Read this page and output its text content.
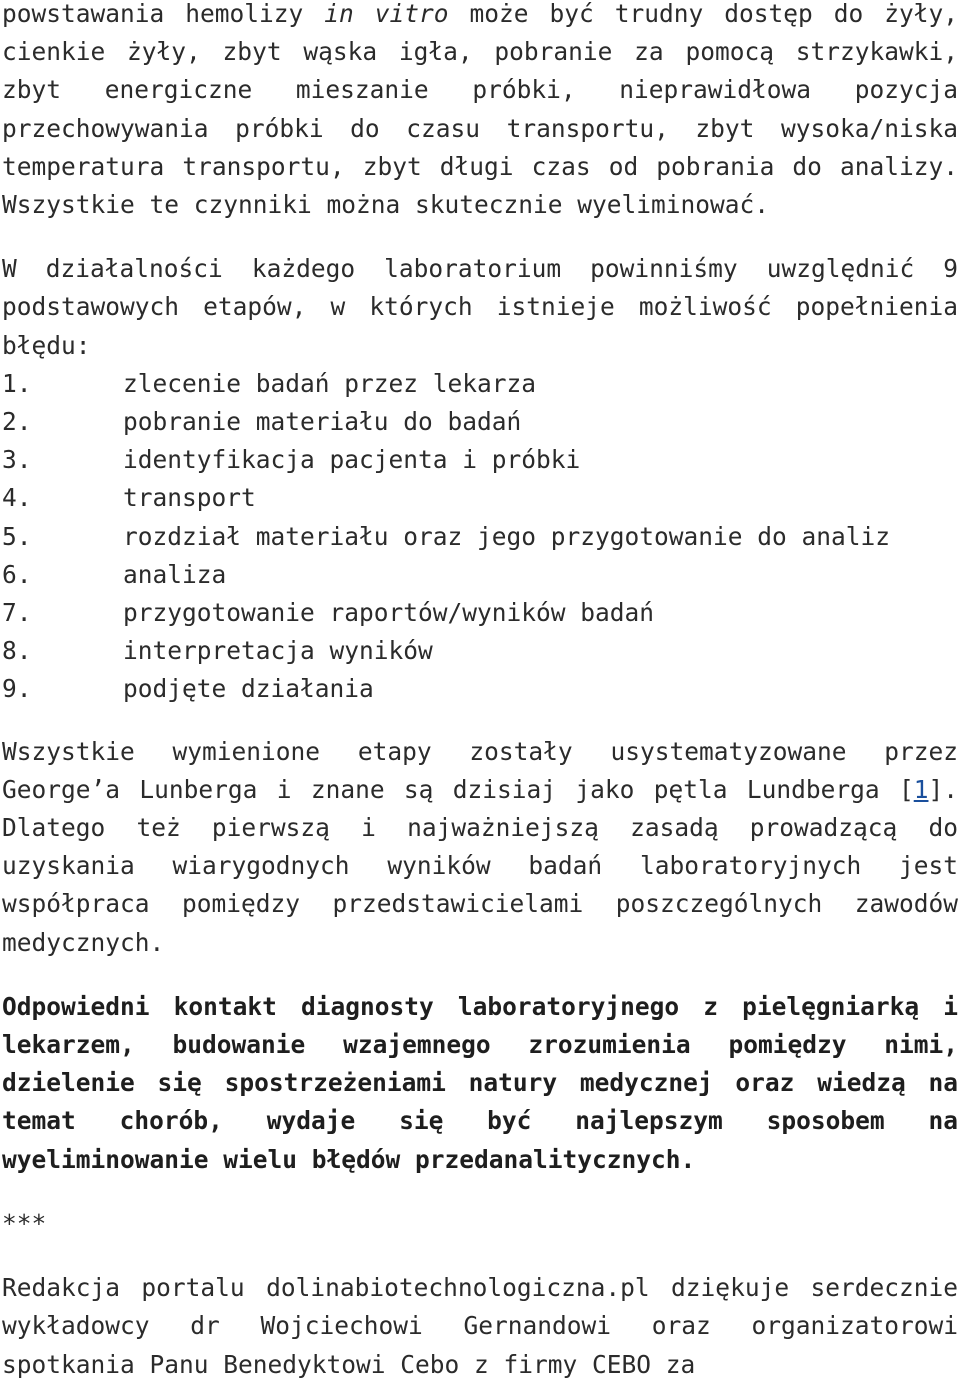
powstawania hemolizy in vitro może być trudny dostęp do żyły, cienkie żyły, zbyt wąska igła, pobranie za pomocą strzykawki, zbyt energiczne mieszanie próbki, nieprawidłowa pozycja przechowywania próbki do czasu transportu, zbyt wysoka/niska temperatura transportu, zbyt długi czas od pobrania do analizy. Wszystkie te czynniki można skutecznie wyeliminować.

W działalności każdego laboratorium powinniśmy uwzględnić 9 podstawowych etapów, w których istnieje możliwość popełnienia błędu:

1.	zlecenie badań przez lekarza
2.	pobranie materiału do badań
3.	identyfikacja pacjenta i próbki
4.	transport
5.	rozdział materiału oraz jego przygotowanie do analiz
6.	analiza
7.	przygotowanie raportów/wyników badań
8.	interpretacja wyników
9.	podjęte działania

Wszystkie wymienione etapy zostały usystematyzowane przez George’a Lunberga i znane są dzisiaj jako pętla Lundberga [1]. Dlatego też pierwszą i najważniejszą zasadą prowadzącą do uzyskania wiarygodnych wyników badań laboratoryjnych jest współpraca pomiędzy przedstawicielami poszczególnych zawodów medycznych.

Odpowiedni kontakt diagnosty laboratoryjnego z pielęgniarką i lekarzem, budowanie wzajemnego zrozumienia pomiędzy nimi, dzielenie się spostrzeżeniami natury medycznej oraz wiedzą na temat chorób, wydaje się być najlepszym sposobem na wyeliminowanie wielu błędów przedanalitycznych.

***

Redakcja portalu dolinabiotechnologiczna.pl dziękuje serdecznie wykładowcy dr Wojciechowi Gernandowi oraz organizatorowi spotkania Panu Benedyktowi Cebo z firmy CEBO za
